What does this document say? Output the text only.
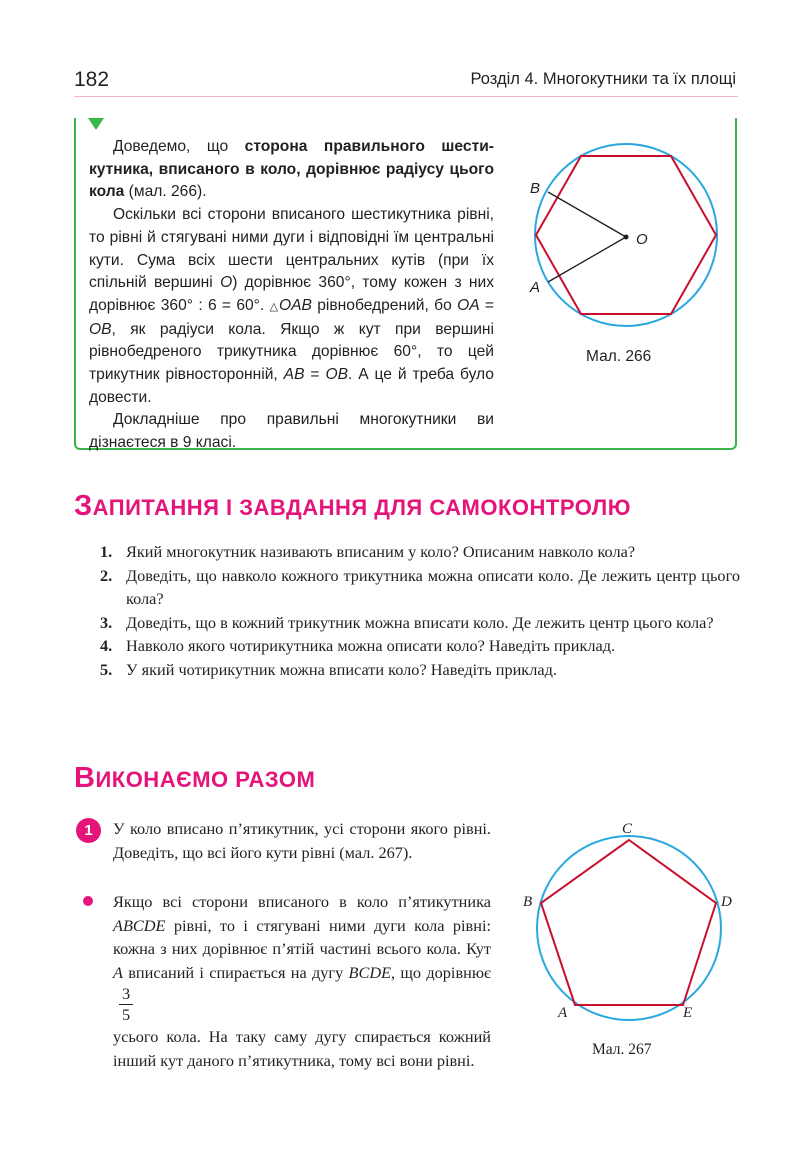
182	Розділ 4. Многокутники та їх площі

Доведемо, що сторона правильного шестикутника, вписаного в коло, дорівнює радіусу цього кола (мал. 266).

Оскільки всі сторони вписаного шестикутника рівні, то рівні й стягувані ними дуги і відповідні їм центральні кути. Сума всіх шести центральних кутів (при їх спільній вершині O) дорівнює 360°, тому кожен з них дорівнює 360° : 6 = 60°. △OAB рівнобедрений, бо OA = OB, як радіуси кола. Якщо ж кут при вершині рівнобедреного трикутника дорівнює 60°, то цей трикутник рівносторонній, AB = OB. А це й треба було довести.

Докладніше про правильні многокутники ви дізнаєтеся в 9 класі.

B
O
A
Мал. 266
ЗАПИТАННЯ І ЗАВДАННЯ ДЛЯ САМОКОНТРОЛЮ
1. Який многокутник називають вписаним у коло? Описаним навколо кола?
2. Доведіть, що навколо кожного трикутника можна описати коло. Де лежить центр цього кола?
3. Доведіть, що в кожний трикутник можна вписати коло. Де лежить центр цього кола?
4. Навколо якого чотирикутника можна описати коло? Наведіть приклад.
5. У який чотирикутник можна вписати коло? Наведіть приклад.
ВИКОНАЄМО РАЗОМ
1	У коло вписано п’ятикутник, усі сторони якого рівні. Доведіть, що всі його кути рівні (мал. 267).
Якщо всі сторони вписаного в коло п’ятикутника ABCDE рівні, то і стягувані ними дуги кола рівні: кожна з них дорівнює п’ятій частині всього кола. Кут A вписаний і спирається на дугу BCDE, що дорівнює
$\frac{3}{5}$

усього кола. На таку саму дугу спирається кожний інший кут даного п’ятикутника, тому всі вони рівні.
C
B	D
A	E
Мал. 267
